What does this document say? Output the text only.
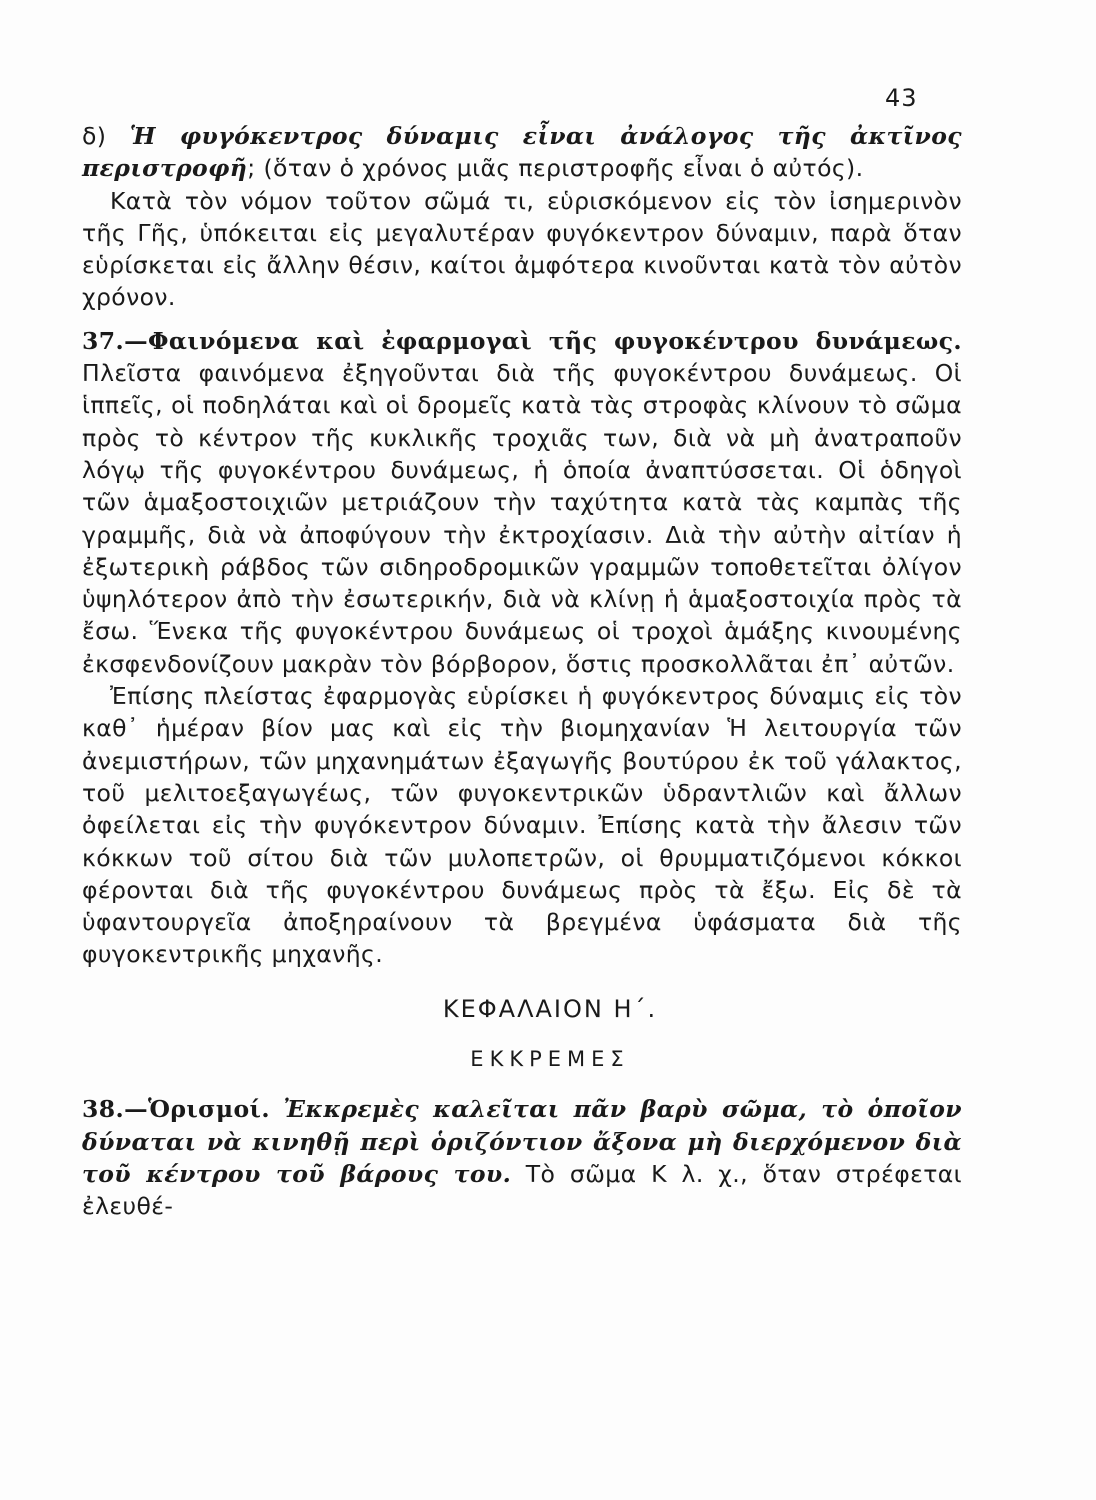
43

δ) Ἡ φυγόκεντρος δύναμις εἶναι ἀνάλογος τῆς ἀκτῖνος περιστροφῆ; (ὅταν ὁ χρόνος μιᾶς περιστροφῆς εἶναι ὁ αὐτός).

Κατὰ τὸν νόμον τοῦτον σῶμά τι, εὑρισκόμενον εἰς τὸν ἰσημερινὸν τῆς Γῆς, ὑπόκειται εἰς μεγαλυτέραν φυγόκεντρον δύναμιν, παρὰ ὅταν εὑρίσκεται εἰς ἄλλην θέσιν, καίτοι ἀμφότερα κινοῦνται κατὰ τὸν αὐτὸν χρόνον.

37.—Φαινόμενα καὶ ἐφαρμογαὶ τῆς φυγοκέντρου δυνάμεως. Πλεῖστα φαινόμενα ἐξηγοῦνται διὰ τῆς φυγοκέντρου δυνάμεως. Οἱ ἱππεῖς, οἱ ποδηλάται καὶ οἱ δρομεῖς κατὰ τὰς στροφὰς κλίνουν τὸ σῶμα πρὸς τὸ κέντρον τῆς κυκλικῆς τροχιᾶς των, διὰ νὰ μὴ ἀνατραποῦν λόγῳ τῆς φυγοκέντρου δυνάμεως, ἡ ὁποία ἀναπτύσσεται. Οἱ ὁδηγοὶ τῶν ἁμαξοστοιχιῶν μετριάζουν τὴν ταχύτητα κατὰ τὰς καμπὰς τῆς γραμμῆς, διὰ νὰ ἀποφύγουν τὴν ἐκτροχίασιν. Διὰ τὴν αὐτὴν αἰτίαν ἡ ἐξωτερικὴ ράβδος τῶν σιδηροδρομικῶν γραμμῶν τοποθετεῖται ὀλίγον ὑψηλότερον ἀπὸ τὴν ἐσωτερικήν, διὰ νὰ κλίνῃ ἡ ἁμαξοστοιχία πρὸς τὰ ἔσω. Ἕνεκα τῆς φυγοκέντρου δυνάμεως οἱ τροχοὶ ἁμάξης κινουμένης ἐκσφενδονίζουν μακρὰν τὸν βόρβορον, ὅστις προσκολλᾶται ἐπ᾽ αὐτῶν.

Ἐπίσης πλείστας ἐφαρμογὰς εὑρίσκει ἡ φυγόκεντρος δύναμις εἰς τὸν καθ᾽ ἡμέραν βίον μας καὶ εἰς τὴν βιομηχανίαν Ἡ λειτουργία τῶν ἀνεμιστήρων, τῶν μηχανημάτων ἐξαγωγῆς βουτύρου ἐκ τοῦ γάλακτος, τοῦ μελιτοεξαγωγέως, τῶν φυγοκεντρικῶν ὑδραντλιῶν καὶ ἄλλων ὀφείλεται εἰς τὴν φυγόκεντρον δύναμιν. Ἐπίσης κατὰ τὴν ἄλεσιν τῶν κόκκων τοῦ σίτου διὰ τῶν μυλοπετρῶν, οἱ θρυμματιζόμενοι κόκκοι φέρονται διὰ τῆς φυγοκέντρου δυνάμεως πρὸς τὰ ἔξω. Εἰς δὲ τὰ ὑφαντουργεῖα ἀποξηραίνουν τὰ βρεγμένα ὑφάσματα διὰ τῆς φυγοκεντρικῆς μηχανῆς.

ΚΕΦΑΛΑΙΟΝ Η΄.
ΕΚΚΡΕΜΕΣ

38.—Ὁρισμοί. Ἐκκρεμὲς καλεῖται πᾶν βαρὺ σῶμα, τὸ ὁποῖον δύναται νὰ κινηθῇ περὶ ὁριζόντιον ἄξονα μὴ διερχόμενον διὰ τοῦ κέντρου τοῦ βάρους του. Τὸ σῶμα Κ λ. χ., ὅταν στρέφεται ἐλευθέ-
